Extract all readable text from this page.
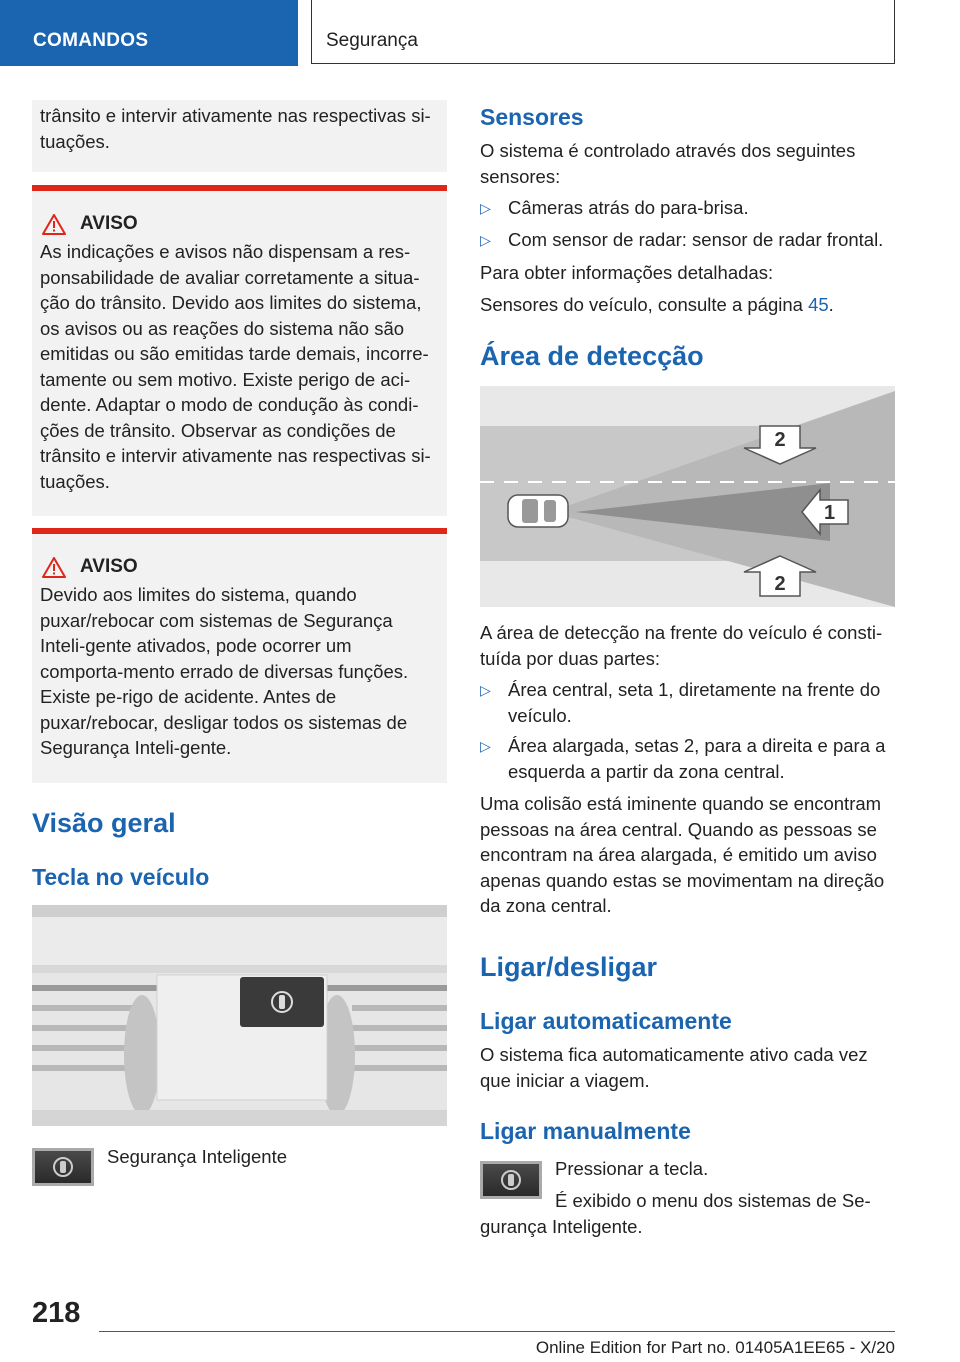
COMANDOS	Segurança

trânsito e intervir ativamente nas respectivas si-tuações.

AVISO

As indicações e avisos não dispensam a res-ponsabilidade de avaliar corretamente a situa-ção do trânsito. Devido aos limites do sistema, os avisos ou as reações do sistema não são emitidas ou são emitidas tarde demais, incorre-tamente ou sem motivo. Existe perigo de aci-dente. Adaptar o modo de condução às condi-ções de trânsito. Observar as condições de trânsito e intervir ativamente nas respectivas si-tuações.

AVISO

Devido aos limites do sistema, quando puxar/rebocar com sistemas de Segurança Inteli-gente ativados, pode ocorrer um comporta-mento errado de diversas funções. Existe pe-rigo de acidente. Antes de puxar/rebocar, desligar todos os sistemas de Segurança Inteli-gente.

Visão geral
Tecla no veículo

Segurança Inteligente

Sensores

O sistema é controlado através dos seguintes sensores:

▷ Câmeras atrás do para-brisa.
▷ Com sensor de radar: sensor de radar frontal.

Para obter informações detalhadas:

Sensores do veículo, consulte a página 45.

Área de detecção
2
1
2

A área de detecção na frente do veículo é consti-tuída por duas partes:

▷ Área central, seta 1, diretamente na frente do veículo.
▷ Área alargada, setas 2, para a direita e para a esquerda a partir da zona central.

Uma colisão está iminente quando se encontram pessoas na área central. Quando as pessoas se encontram na área alargada, é emitido um aviso apenas quando estas se movimentam na direção da zona central.

Ligar/desligar
Ligar automaticamente

O sistema fica automaticamente ativo cada vez que iniciar a viagem.

Ligar manualmente

Pressionar a tecla.

É exibido o menu dos sistemas de Se-gurança Inteligente.

218
Online Edition for Part no. 01405A1EE65 - X/20
